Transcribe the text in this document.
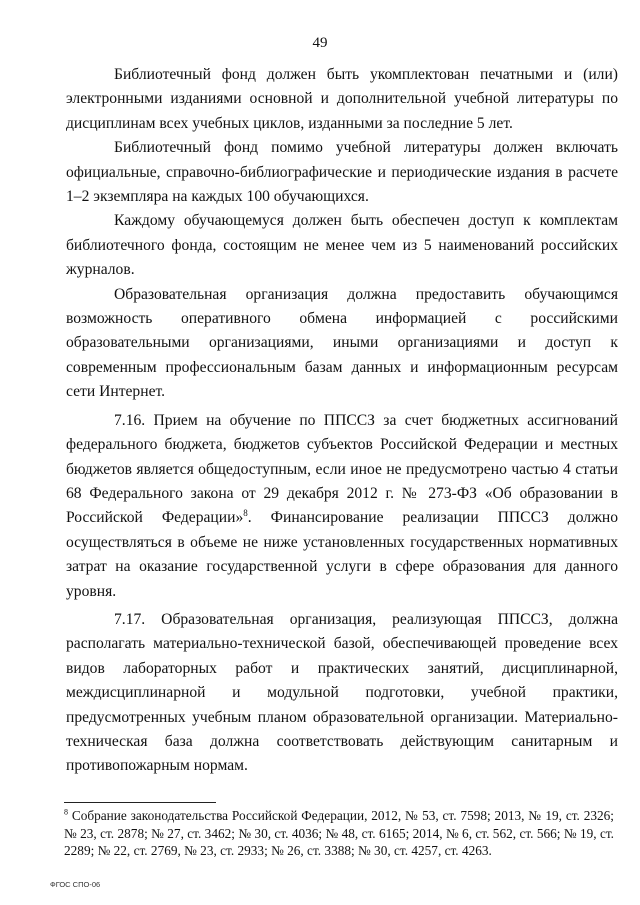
49

Библиотечный фонд должен быть укомплектован печатными и (или) электронными изданиями основной и дополнительной учебной литературы по дисциплинам всех учебных циклов, изданными за последние 5 лет.

Библиотечный фонд помимо учебной литературы должен включать официальные, справочно-библиографические и периодические издания в расчете 1–2 экземпляра на каждых 100 обучающихся.

Каждому обучающемуся должен быть обеспечен доступ к комплектам библиотечного фонда, состоящим не менее чем из 5 наименований российских журналов.

Образовательная организация должна предоставить обучающимся возможность оперативного обмена информацией с российскими образовательными организациями, иными организациями и доступ к современным профессиональным базам данных и информационным ресурсам сети Интернет.

7.16. Прием на обучение по ППССЗ за счет бюджетных ассигнований федерального бюджета, бюджетов субъектов Российской Федерации и местных бюджетов является общедоступным, если иное не предусмотрено частью 4 статьи 68 Федерального закона от 29 декабря 2012 г. № 273-ФЗ «Об образовании в Российской Федерации»$^8$. Финансирование реализации ППССЗ должно осуществляться в объеме не ниже установленных государственных нормативных затрат на оказание государственной услуги в сфере образования для данного уровня.

7.17. Образовательная организация, реализующая ППССЗ, должна располагать материально-технической базой, обеспечивающей проведение всех видов лабораторных работ и практических занятий, дисциплинарной, междисциплинарной и модульной подготовки, учебной практики, предусмотренных учебным планом образовательной организации. Материально-техническая база должна соответствовать действующим санитарным и противопожарным нормам.

$^8$ Собрание законодательства Российской Федерации, 2012, № 53, ст. 7598; 2013, № 19, ст. 2326; № 23, ст. 2878; № 27, ст. 3462; № 30, ст. 4036; № 48, ст. 6165; 2014, № 6, ст. 562, ст. 566; № 19, ст. 2289; № 22, ст. 2769, № 23, ст. 2933; № 26, ст. 3388; № 30, ст. 4257, ст. 4263.
ФГОС СПО-06
